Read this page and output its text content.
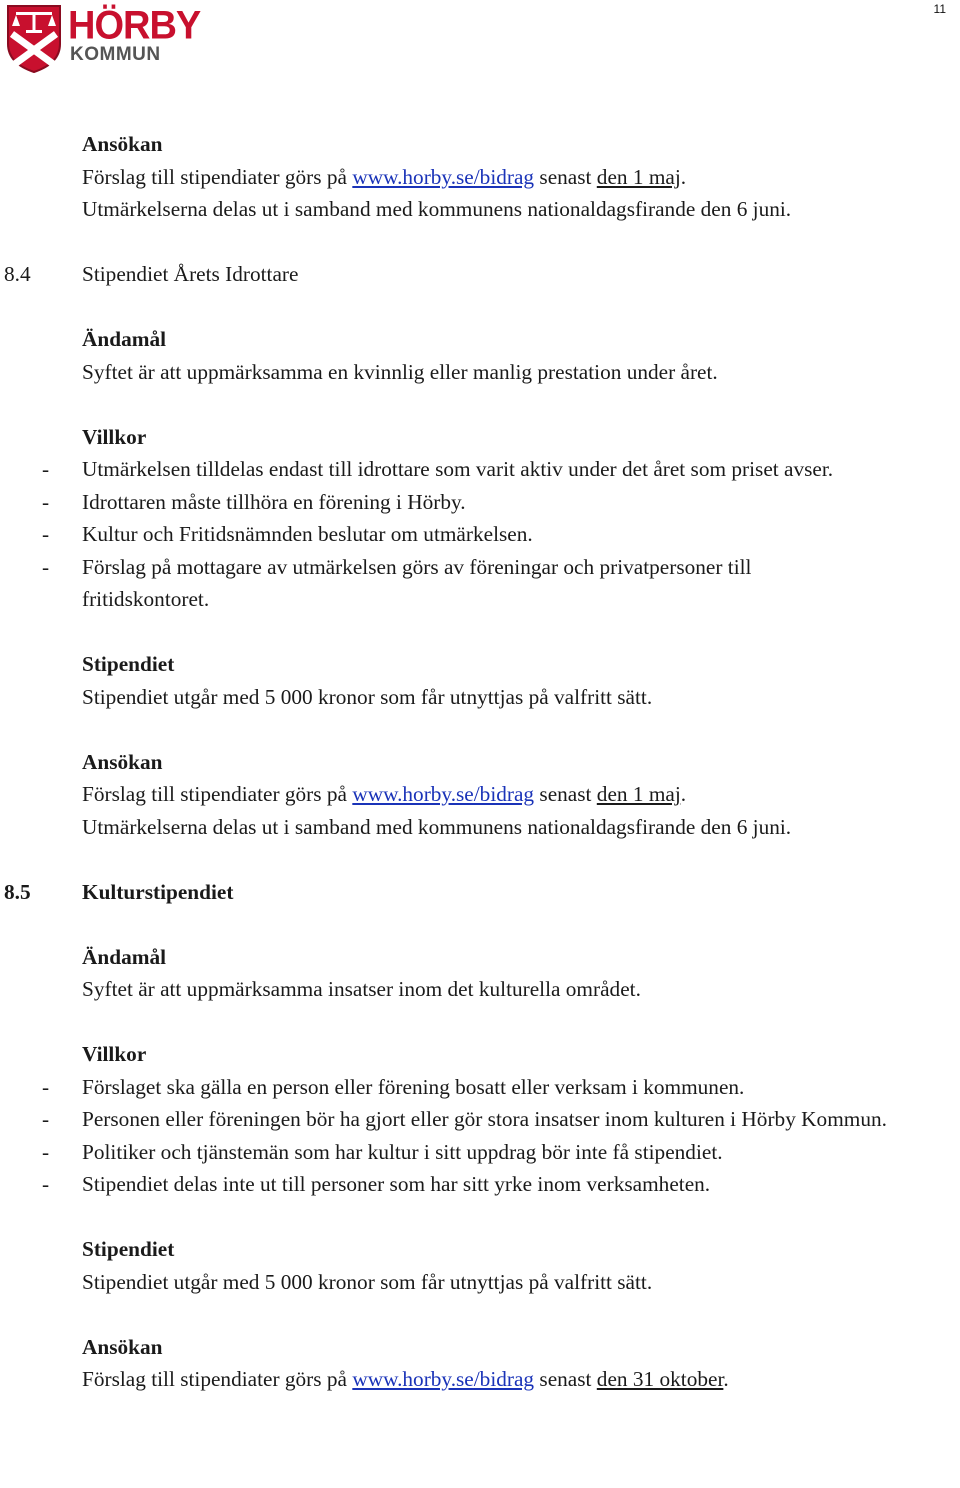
11
HÖRBY
KOMMUN
Ansökan
Förslag till stipendiater görs på www.horby.se/bidrag senast den 1 maj.
Utmärkelserna delas ut i samband med kommunens nationaldagsfirande den 6 juni.
8.4 Stipendiet Årets Idrottare
Ändamål
Syftet är att uppmärksamma en kvinnlig eller manlig prestation under året.
Villkor
- Utmärkelsen tilldelas endast till idrottare som varit aktiv under det året som priset avser.
- Idrottaren måste tillhöra en förening i Hörby.
- Kultur och Fritidsnämnden beslutar om utmärkelsen.
- Förslag på mottagare av utmärkelsen görs av föreningar och privatpersoner till fritidskontoret.
Stipendiet
Stipendiet utgår med 5 000 kronor som får utnyttjas på valfritt sätt.
Ansökan
Förslag till stipendiater görs på www.horby.se/bidrag senast den 1 maj.
Utmärkelserna delas ut i samband med kommunens nationaldagsfirande den 6 juni.
8.5 Kulturstipendiet
Ändamål
Syftet är att uppmärksamma insatser inom det kulturella området.
Villkor
- Förslaget ska gälla en person eller förening bosatt eller verksam i kommunen.
- Personen eller föreningen bör ha gjort eller gör stora insatser inom kulturen i Hörby Kommun.
- Politiker och tjänstemän som har kultur i sitt uppdrag bör inte få stipendiet.
- Stipendiet delas inte ut till personer som har sitt yrke inom verksamheten.
Stipendiet
Stipendiet utgår med 5 000 kronor som får utnyttjas på valfritt sätt.
Ansökan
Förslag till stipendiater görs på www.horby.se/bidrag senast den 31 oktober.
